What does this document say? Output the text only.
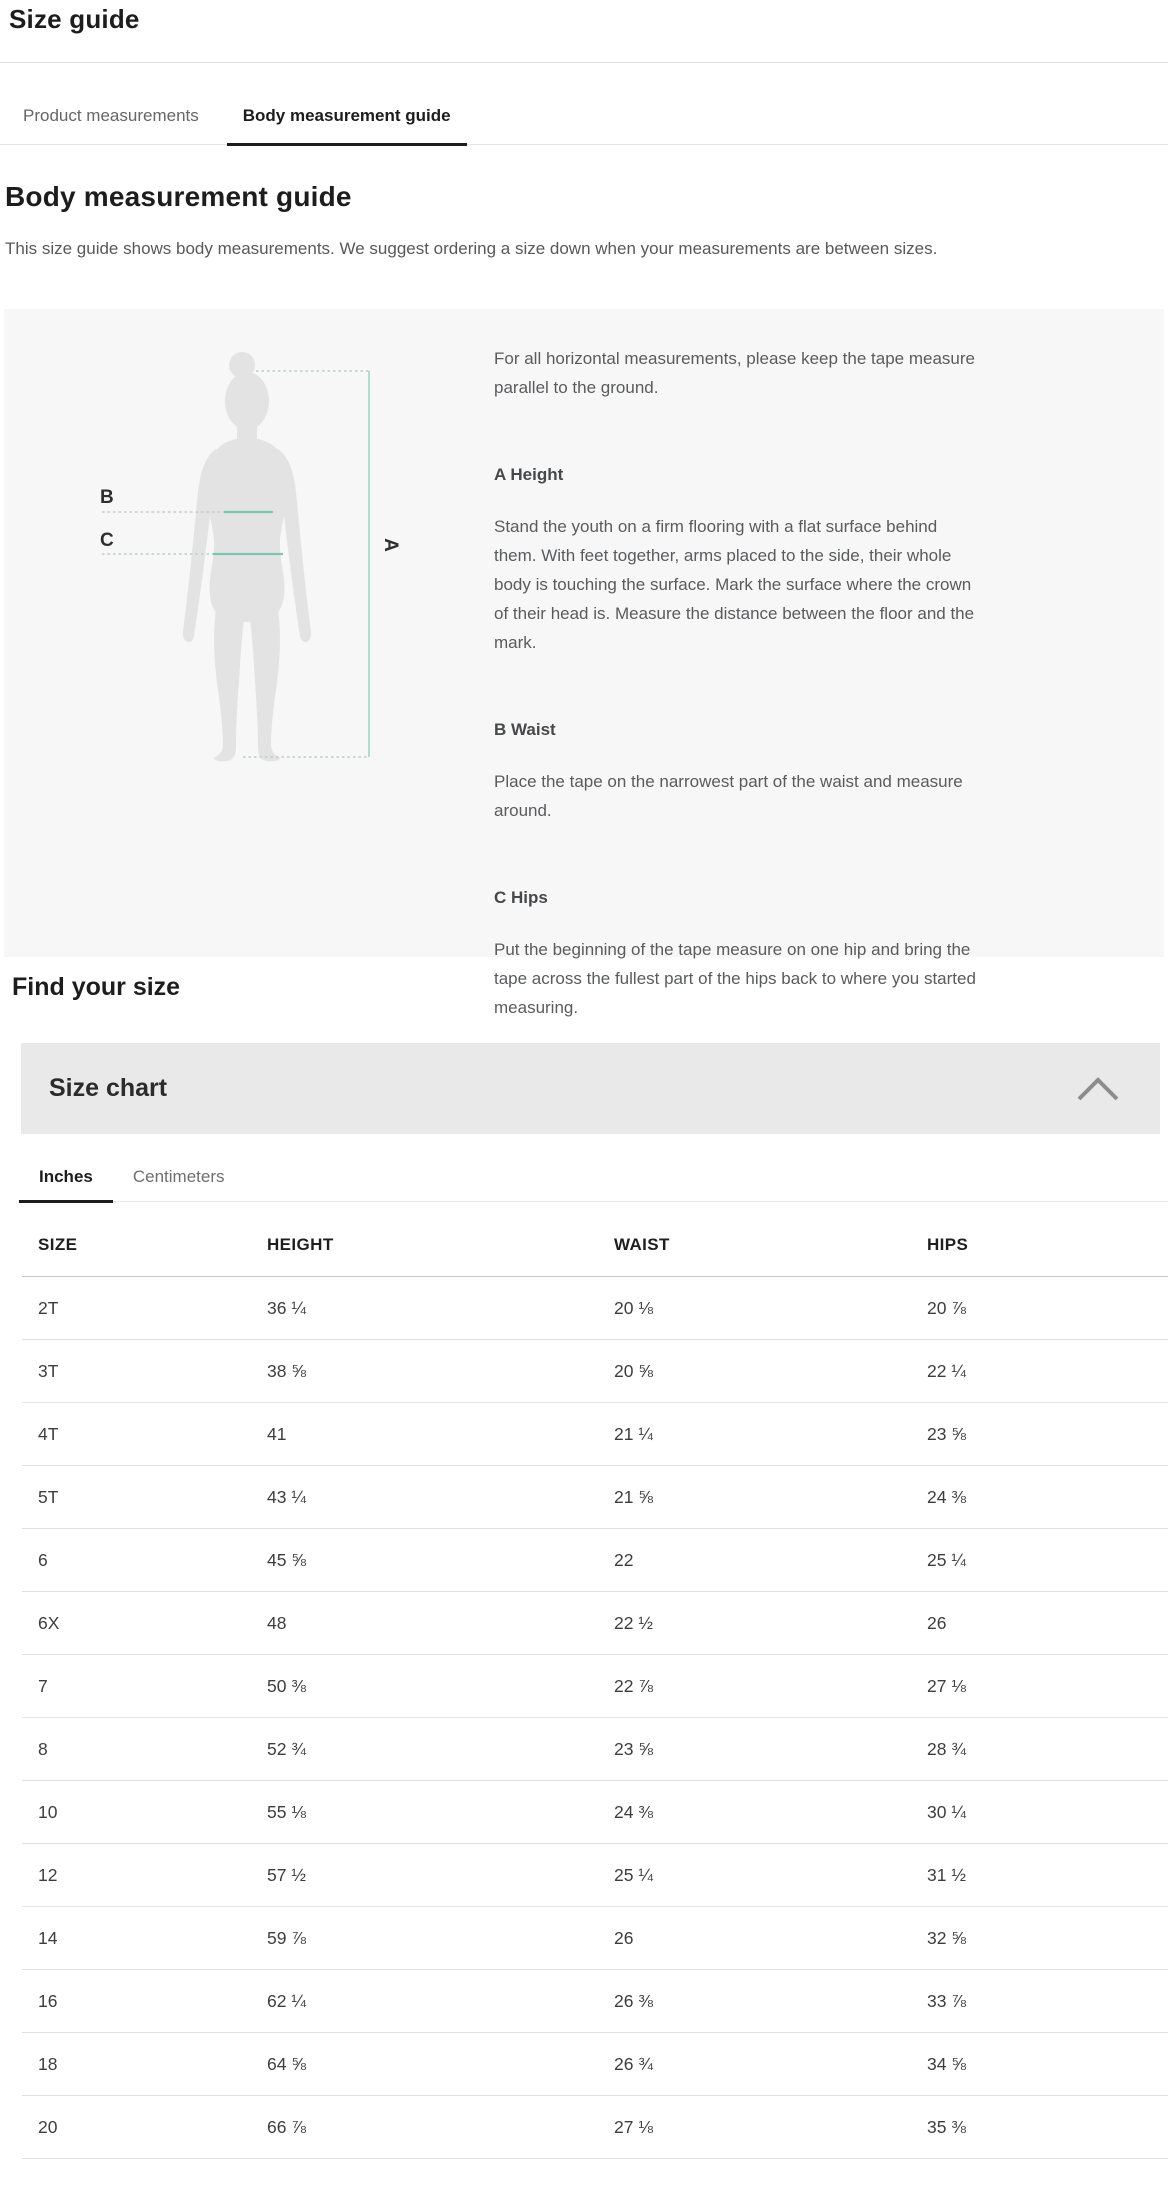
Size guide
Product measurements	Body measurement guide
Body measurement guide

This size guide shows body measurements. We suggest ordering a size down when your measurements are between sizes.

B
C	A

For all horizontal measurements, please keep the tape measure parallel to the ground.

A Height

Stand the youth on a firm flooring with a flat surface behind them. With feet together, arms placed to the side, their whole body is touching the surface. Mark the surface where the crown of their head is. Measure the distance between the floor and the mark.

B Waist

Place the tape on the narrowest part of the waist and measure around.

C Hips

Put the beginning of the tape measure on one hip and bring the tape across the fullest part of the hips back to where you started measuring.

Find your size
Size chart
Inches	Centimeters
SIZE	HEIGHT	WAIST	HIPS
2T	36 ¼	20 ⅛	20 ⅞
3T	38 ⅝	20 ⅝	22 ¼
4T	41	21 ¼	23 ⅝
5T	43 ¼	21 ⅝	24 ⅜
6	45 ⅝	22	25 ¼
6X	48	22 ½	26
7	50 ⅜	22 ⅞	27 ⅛
8	52 ¾	23 ⅝	28 ¾
10	55 ⅛	24 ⅜	30 ¼
12	57 ½	25 ¼	31 ½
14	59 ⅞	26	32 ⅝
16	62 ¼	26 ⅜	33 ⅞
18	64 ⅝	26 ¾	34 ⅝
20	66 ⅞	27 ⅛	35 ⅜
